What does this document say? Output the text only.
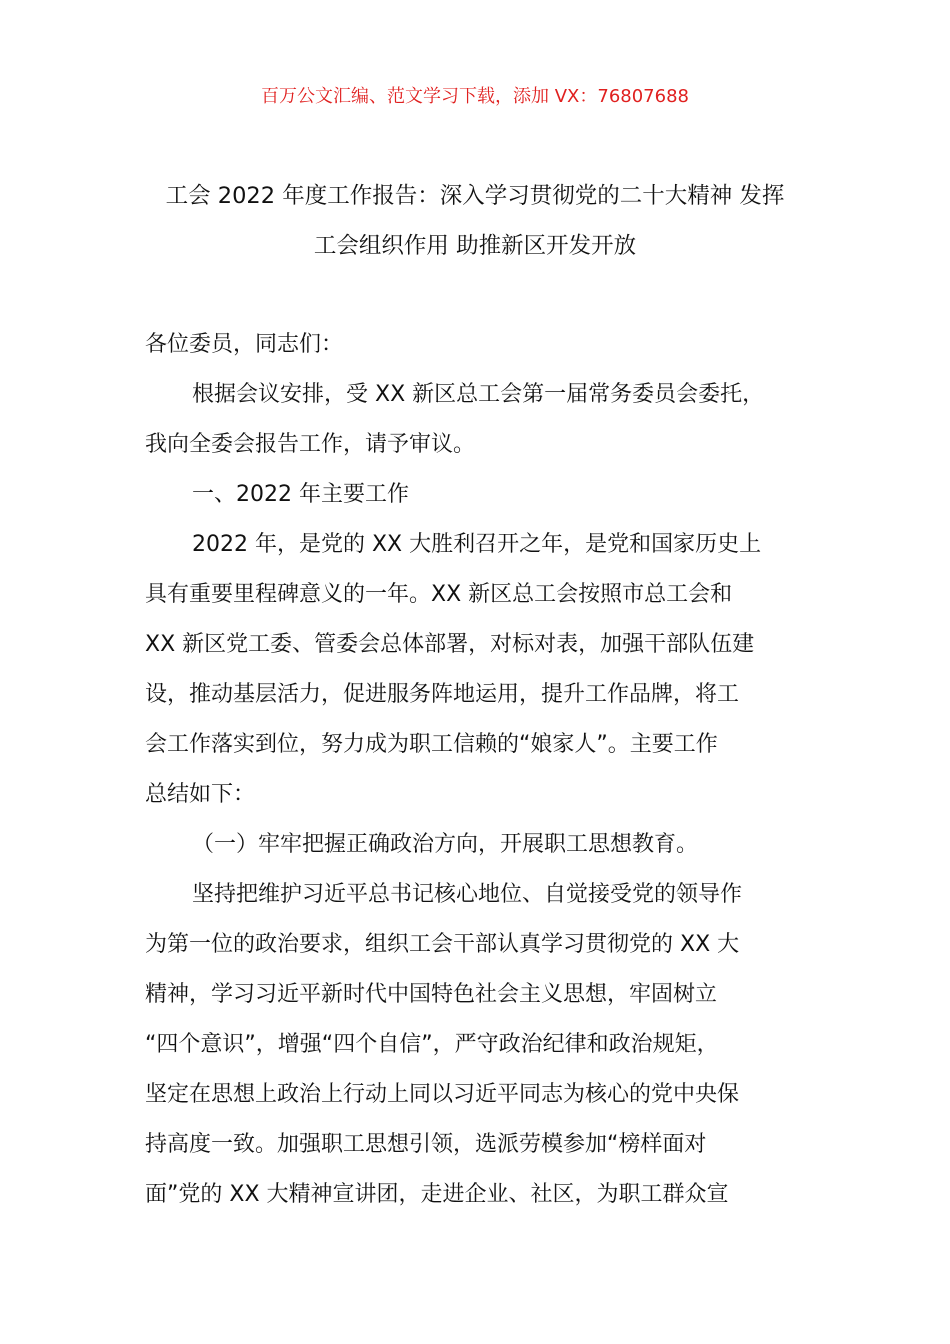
百万公文汇编、范文学习下载，添加 VX：76807688
工会 2022 年度工作报告：深入学习贯彻党的二十大精神 发挥
工会组织作用 助推新区开发开放
各位委员，同志们：
根据会议安排，受 XX 新区总工会第一届常务委员会委托，
我向全委会报告工作，请予审议。
一、2022 年主要工作
2022 年，是党的 XX 大胜利召开之年，是党和国家历史上
具有重要里程碑意义的一年。XX 新区总工会按照市总工会和
XX 新区党工委、管委会总体部署，对标对表，加强干部队伍建
设，推动基层活力，促进服务阵地运用，提升工作品牌，将工
会工作落实到位，努力成为职工信赖的“娘家人”。主要工作
总结如下：
（一）牢牢把握正确政治方向，开展职工思想教育。
坚持把维护习近平总书记核心地位、自觉接受党的领导作
为第一位的政治要求，组织工会干部认真学习贯彻党的 XX 大
精神，学习习近平新时代中国特色社会主义思想，牢固树立
“四个意识”，增强“四个自信”，严守政治纪律和政治规矩，
坚定在思想上政治上行动上同以习近平同志为核心的党中央保
持高度一致。加强职工思想引领，选派劳模参加“榜样面对
面”党的 XX 大精神宣讲团，走进企业、社区，为职工群众宣
